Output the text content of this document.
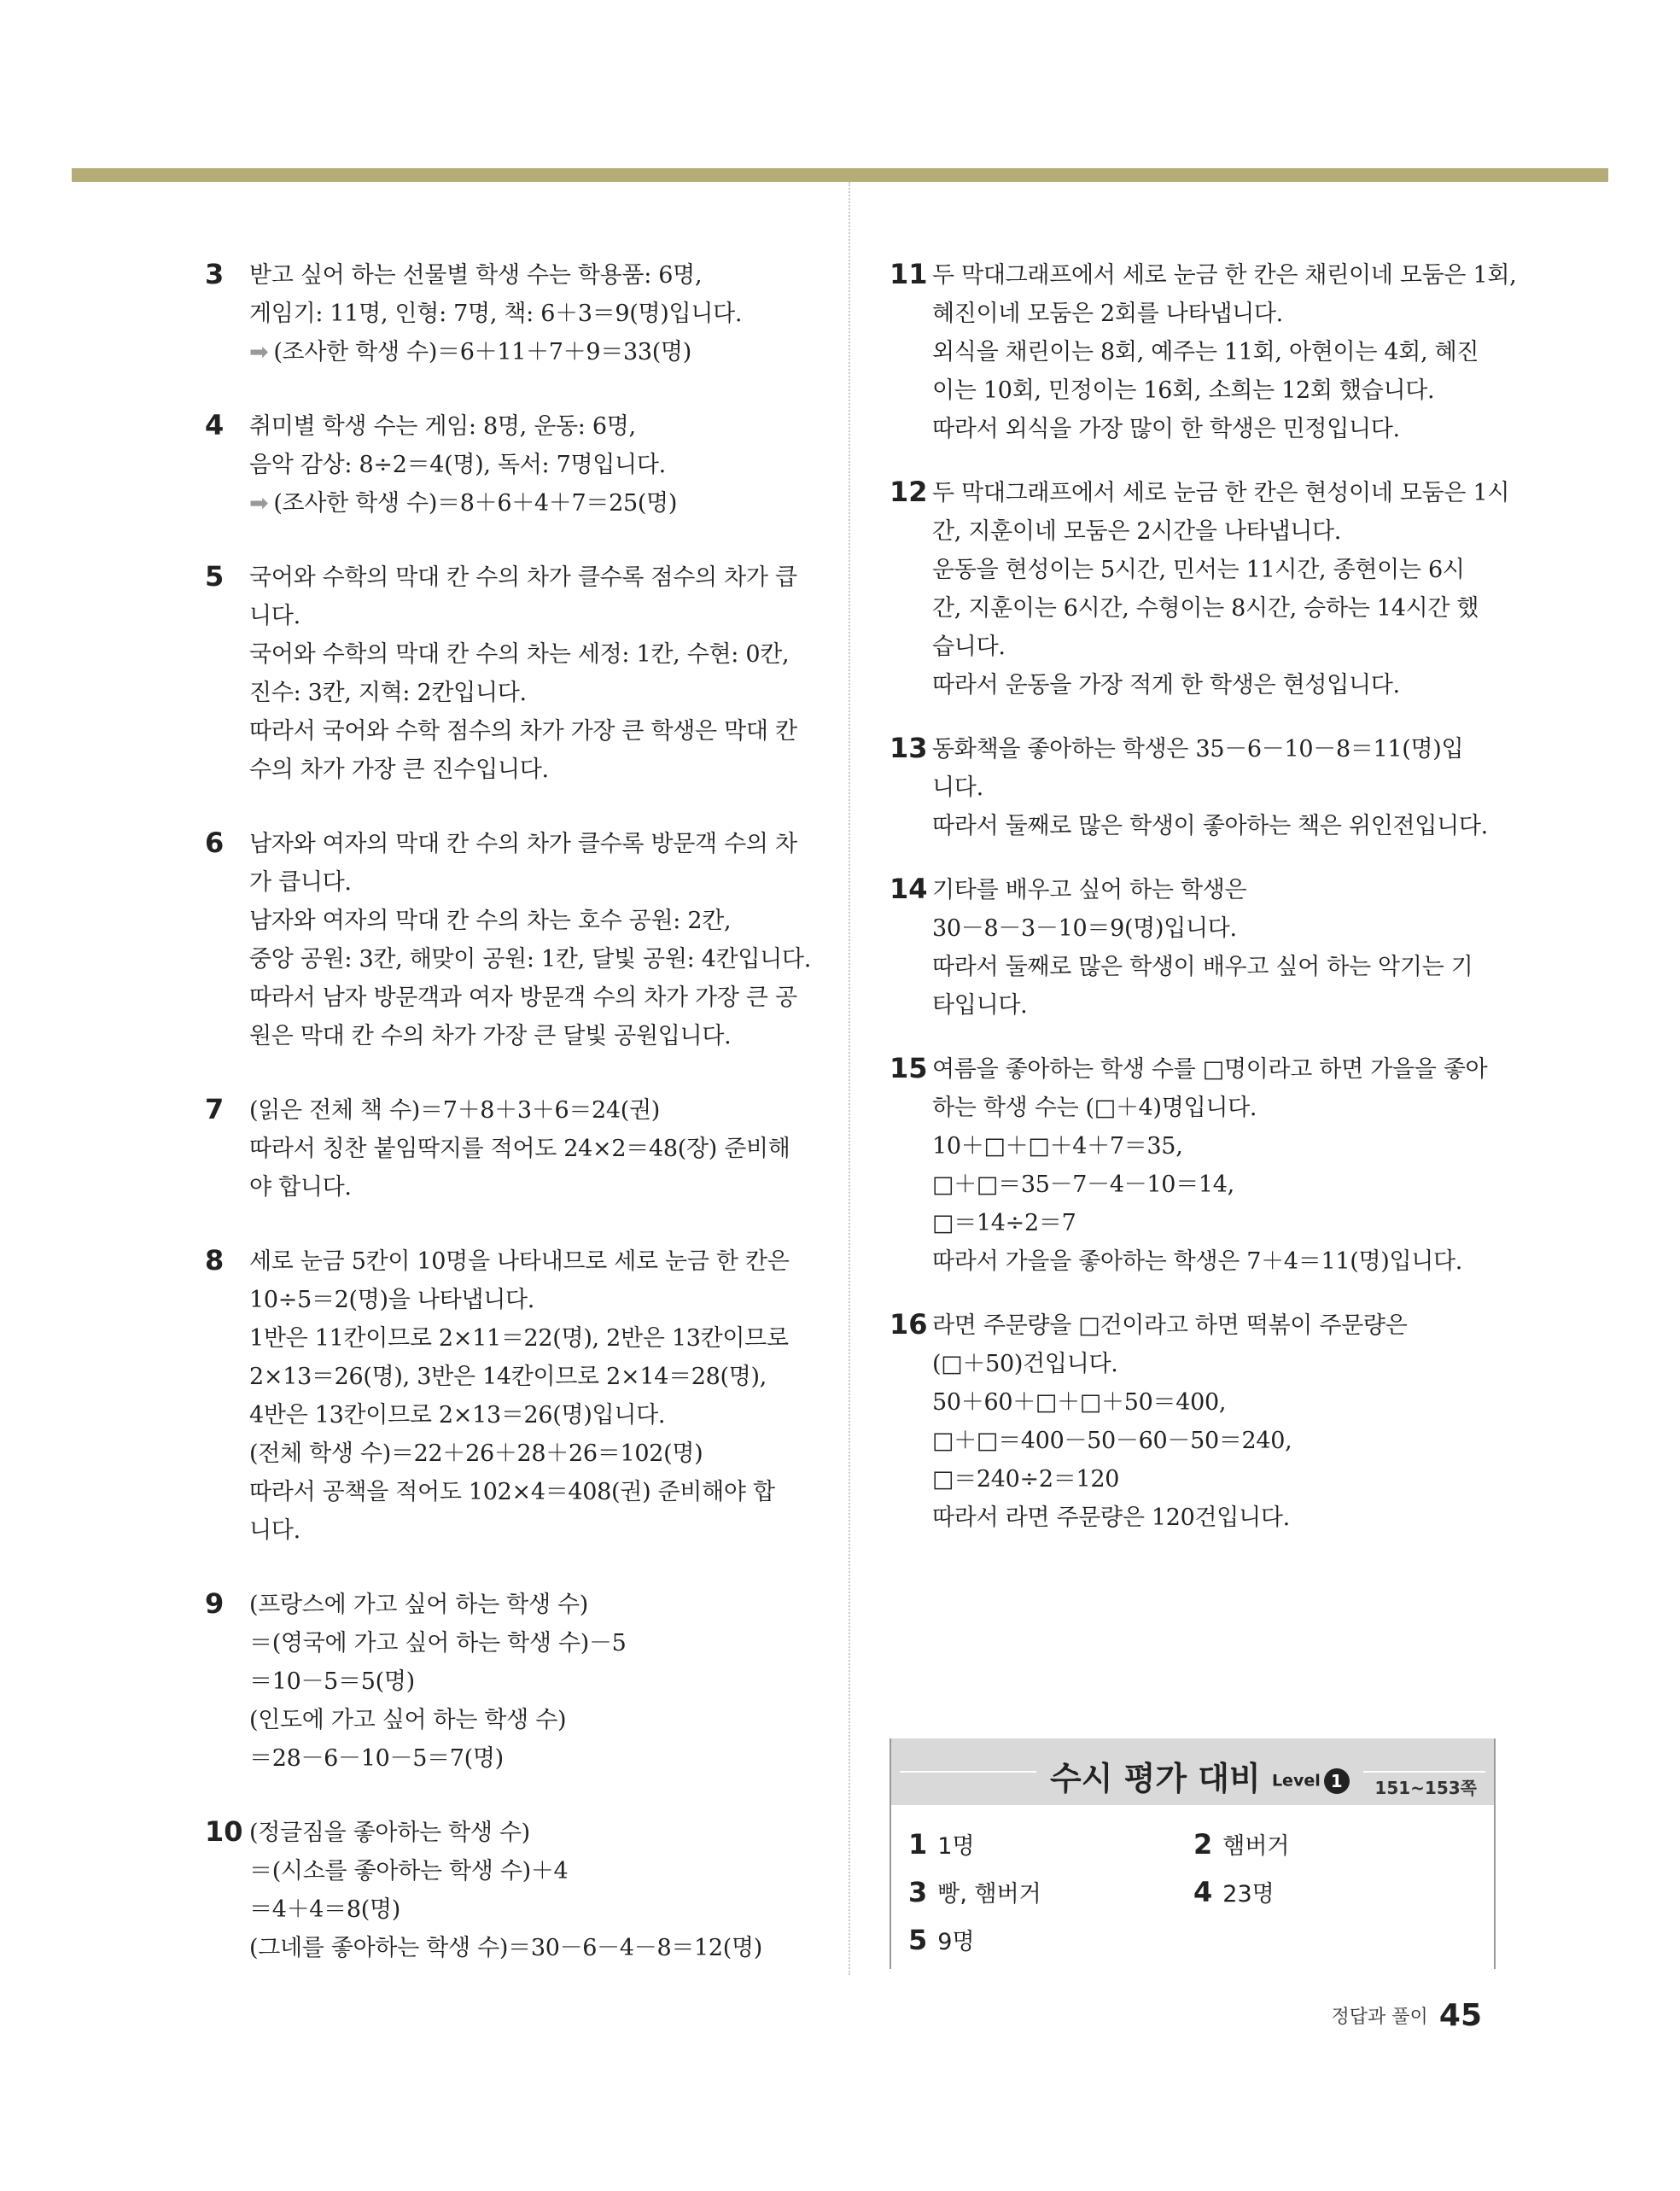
3 받고 싶어 하는 선물별 학생 수는 학용품: 6명,
게임기: 11명, 인형: 7명, 책: 6＋3＝9(명)입니다.
➡ (조사한 학생 수)＝6＋11＋7＋9＝33(명)
4 취미별 학생 수는 게임: 8명, 운동: 6명,
음악 감상: 8÷2＝4(명), 독서: 7명입니다.
➡ (조사한 학생 수)＝8＋6＋4＋7＝25(명)
5 국어와 수학의 막대 칸 수의 차가 클수록 점수의 차가 큽
니다.
국어와 수학의 막대 칸 수의 차는 세정: 1칸, 수현: 0칸,
진수: 3칸, 지혁: 2칸입니다.
따라서 국어와 수학 점수의 차가 가장 큰 학생은 막대 칸
수의 차가 가장 큰 진수입니다.
6 남자와 여자의 막대 칸 수의 차가 클수록 방문객 수의 차
가 큽니다.
남자와 여자의 막대 칸 수의 차는 호수 공원: 2칸,
중앙 공원: 3칸, 해맞이 공원: 1칸, 달빛 공원: 4칸입니다.
따라서 남자 방문객과 여자 방문객 수의 차가 가장 큰 공
원은 막대 칸 수의 차가 가장 큰 달빛 공원입니다.
7 (읽은 전체 책 수)＝7＋8＋3＋6＝24(권)
따라서 칭찬 붙임딱지를 적어도 24×2＝48(장) 준비해
야 합니다.
8 세로 눈금 5칸이 10명을 나타내므로 세로 눈금 한 칸은
10÷5＝2(명)을 나타냅니다.
1반은 11칸이므로 2×11＝22(명), 2반은 13칸이므로
2×13＝26(명), 3반은 14칸이므로 2×14＝28(명),
4반은 13칸이므로 2×13＝26(명)입니다.
(전체 학생 수)＝22＋26＋28＋26＝102(명)
따라서 공책을 적어도 102×4＝408(권) 준비해야 합
니다.
9 (프랑스에 가고 싶어 하는 학생 수)
＝(영국에 가고 싶어 하는 학생 수)－5
＝10－5＝5(명)
(인도에 가고 싶어 하는 학생 수)
＝28－6－10－5＝7(명)
10 (정글짐을 좋아하는 학생 수)
＝(시소를 좋아하는 학생 수)＋4
＝4＋4＝8(명)
(그네를 좋아하는 학생 수)＝30－6－4－8＝12(명)
11 두 막대그래프에서 세로 눈금 한 칸은 채린이네 모둠은 1회,
혜진이네 모둠은 2회를 나타냅니다.
외식을 채린이는 8회, 예주는 11회, 아현이는 4회, 혜진
이는 10회, 민정이는 16회, 소희는 12회 했습니다.
따라서 외식을 가장 많이 한 학생은 민정입니다.
12 두 막대그래프에서 세로 눈금 한 칸은 현성이네 모둠은 1시
간, 지훈이네 모둠은 2시간을 나타냅니다.
운동을 현성이는 5시간, 민서는 11시간, 종현이는 6시
간, 지훈이는 6시간, 수형이는 8시간, 승하는 14시간 했
습니다.
따라서 운동을 가장 적게 한 학생은 현성입니다.
13 동화책을 좋아하는 학생은 35－6－10－8＝11(명)입
니다.
따라서 둘째로 많은 학생이 좋아하는 책은 위인전입니다.
14 기타를 배우고 싶어 하는 학생은
30－8－3－10＝9(명)입니다.
따라서 둘째로 많은 학생이 배우고 싶어 하는 악기는 기
타입니다.
15 여름을 좋아하는 학생 수를 □명이라고 하면 가을을 좋아
하는 학생 수는 (□＋4)명입니다.
10＋□＋□＋4＋7＝35,
□＋□＝35－7－4－10＝14,
□＝14÷2＝7
따라서 가을을 좋아하는 학생은 7＋4＝11(명)입니다.
16 라면 주문량을 □건이라고 하면 떡볶이 주문량은
(□＋50)건입니다.
50＋60＋□＋□＋50＝400,
□＋□＝400－50－60－50＝240,
□＝240÷2＝120
따라서 라면 주문량은 120건입니다.
수시 평가 대비 Level 1	151~153쪽
1 1명	2 햄버거
3 빵, 햄버거	4 23명
5 9명
정답과 풀이 45
